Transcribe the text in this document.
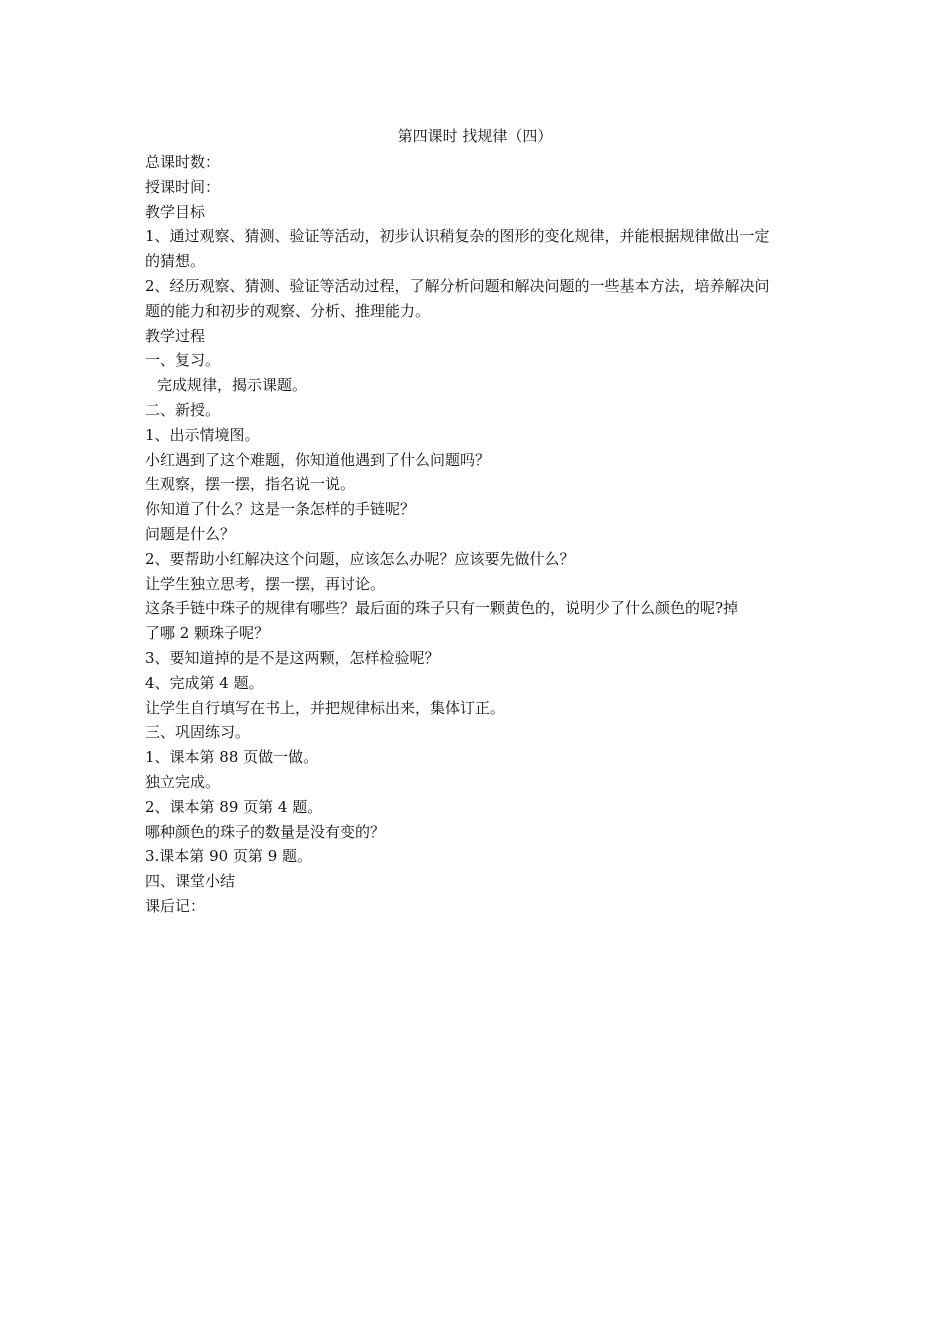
第四课时 找规律（四）
总课时数：
授课时间：
教学目标
1、通过观察、猜测、验证等活动，初步认识稍复杂的图形的变化规律，并能根据规律做出一定
的猜想。
2、经历观察、猜测、验证等活动过程，了解分析问题和解决问题的一些基本方法，培养解决问
题的能力和初步的观察、分析、推理能力。
教学过程
一、复习。
完成规律，揭示课题。
二、新授。
1、出示情境图。
小红遇到了这个难题，你知道他遇到了什么问题吗？
生观察，摆一摆，指名说一说。
你知道了什么？这是一条怎样的手链呢？
问题是什么？
2、要帮助小红解决这个问题，应该怎么办呢？应该要先做什么？
让学生独立思考，摆一摆，再讨论。
这条手链中珠子的规律有哪些？最后面的珠子只有一颗黄色的，说明少了什么颜色的呢?掉
了哪 2 颗珠子呢？
3、要知道掉的是不是这两颗，怎样检验呢？
4、完成第 4 题。
让学生自行填写在书上，并把规律标出来，集体订正。
三、巩固练习。
1、课本第 88 页做一做。
独立完成。
2、课本第 89 页第 4 题。
哪种颜色的珠子的数量是没有变的？
3.课本第 90 页第 9 题。
四、课堂小结
课后记：
